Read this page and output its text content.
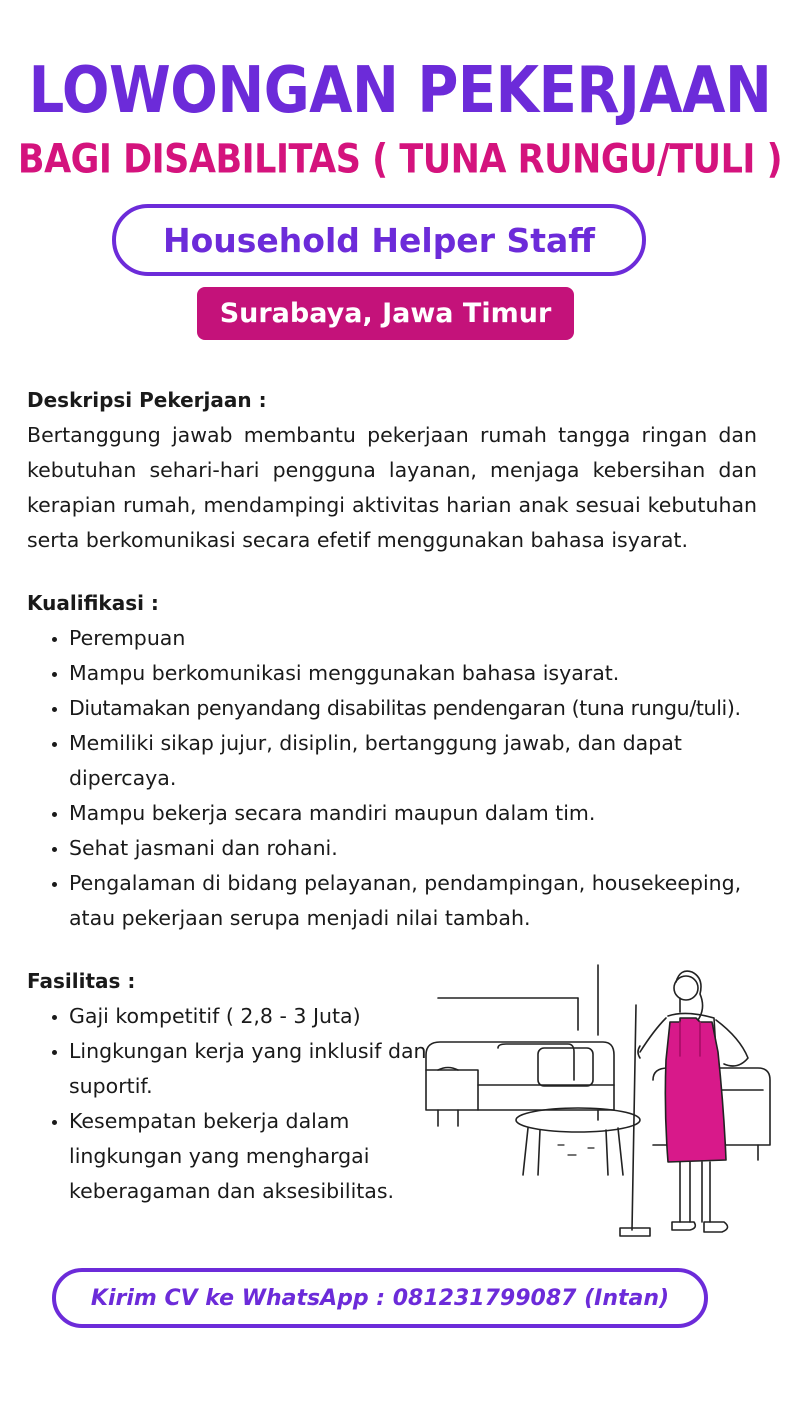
LOWONGAN PEKERJAAN
BAGI DISABILITAS ( TUNA RUNGU/TULI )
Household Helper Staff
Surabaya, Jawa Timur
Deskripsi Pekerjaan :
Bertanggung jawab membantu pekerjaan rumah tangga ringan dan kebutuhan sehari-hari pengguna layanan, menjaga kebersihan dan kerapian rumah, mendampingi aktivitas harian anak sesuai kebutuhan serta berkomunikasi secara efetif menggunakan bahasa isyarat.
Kualifikasi :
• Perempuan
• Mampu berkomunikasi menggunakan bahasa isyarat.
• Diutamakan penyandang disabilitas pendengaran (tuna rungu/tuli).
• Memiliki sikap jujur, disiplin, bertanggung jawab, dan dapat dipercaya.
• Mampu bekerja secara mandiri maupun dalam tim.
• Sehat jasmani dan rohani.
• Pengalaman di bidang pelayanan, pendampingan, housekeeping, atau pekerjaan serupa menjadi nilai tambah.
Fasilitas :
• Gaji kompetitif ( 2,8 - 3 Juta)
• Lingkungan kerja yang inklusif dan suportif.
• Kesempatan bekerja dalam lingkungan yang menghargai keberagaman dan aksesibilitas.
Kirim CV ke WhatsApp : 081231799087 (Intan)
